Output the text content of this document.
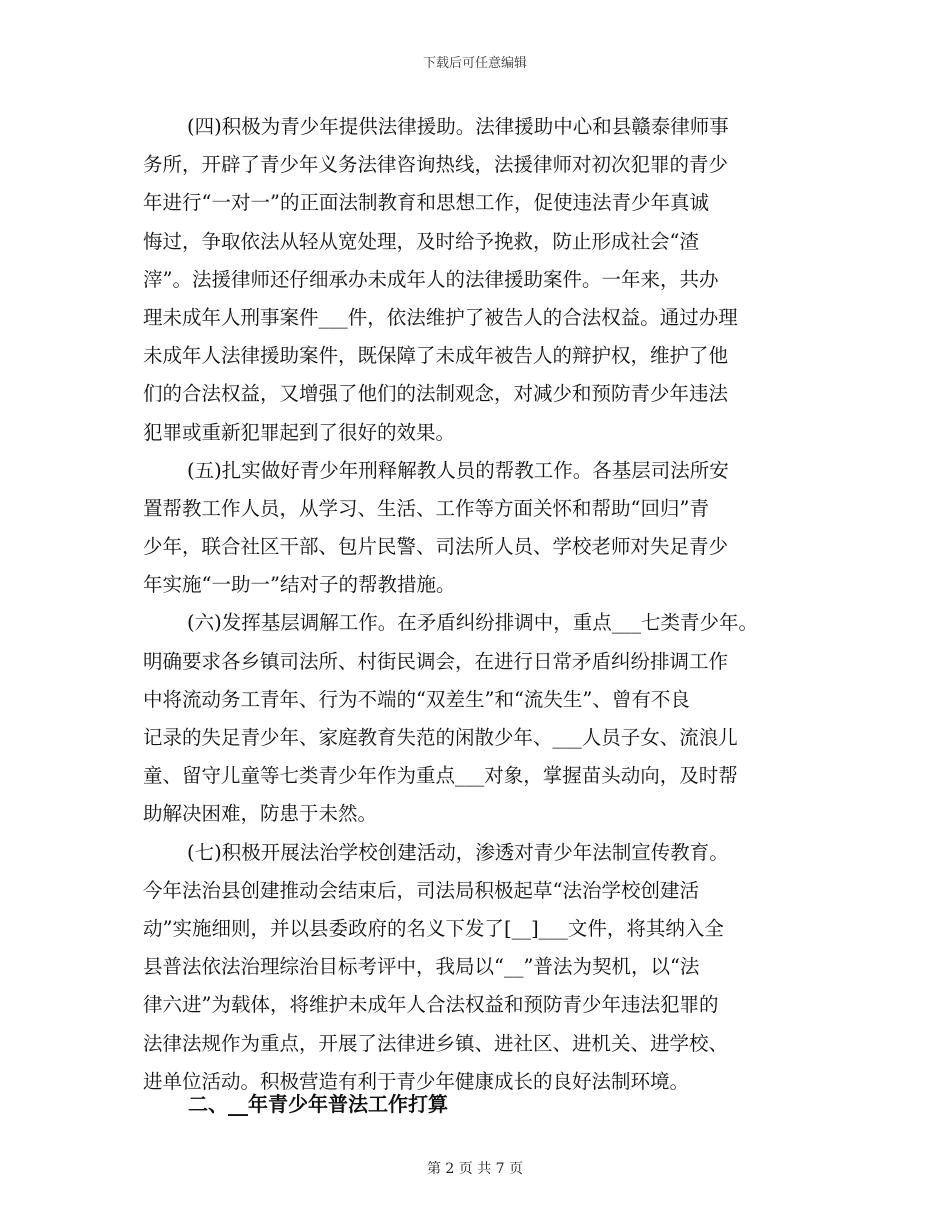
下载后可任意编辑
(四)积极为青少年提供法律援助。法律援助中心和县赣泰律师事
务所，开辟了青少年义务法律咨询热线，法援律师对初次犯罪的青少
年进行“一对一”的正面法制教育和思想工作，促使违法青少年真诚
悔过，争取依法从轻从宽处理，及时给予挽救，防止形成社会“渣
滓”。法援律师还仔细承办未成年人的法律援助案件。一年来，共办
理未成年人刑事案件___件，依法维护了被告人的合法权益。通过办理
未成年人法律援助案件，既保障了未成年被告人的辩护权，维护了他
们的合法权益，又增强了他们的法制观念，对减少和预防青少年违法
犯罪或重新犯罪起到了很好的效果。
(五)扎实做好青少年刑释解教人员的帮教工作。各基层司法所安
置帮教工作人员，从学习、生活、工作等方面关怀和帮助“回归”青
少年，联合社区干部、包片民警、司法所人员、学校老师对失足青少
年实施“一助一”结对子的帮教措施。
(六)发挥基层调解工作。在矛盾纠纷排调中，重点___七类青少年。
明确要求各乡镇司法所、村街民调会，在进行日常矛盾纠纷排调工作
中将流动务工青年、行为不端的“双差生”和“流失生”、曾有不良
记录的失足青少年、家庭教育失范的闲散少年、___人员子女、流浪儿
童、留守儿童等七类青少年作为重点___对象，掌握苗头动向，及时帮
助解决困难，防患于未然。
(七)积极开展法治学校创建活动，渗透对青少年法制宣传教育。
今年法治县创建推动会结束后，司法局积极起草“法治学校创建活
动”实施细则，并以县委政府的名义下发了[__]___文件，将其纳入全
县普法依法治理综治目标考评中，我局以“__”普法为契机，以“法
律六进”为载体，将维护未成年人合法权益和预防青少年违法犯罪的
法律法规作为重点，开展了法律进乡镇、进社区、进机关、进学校、
进单位活动。积极营造有利于青少年健康成长的良好法制环境。
二、__年青少年普法工作打算
第 2 页 共 7 页
